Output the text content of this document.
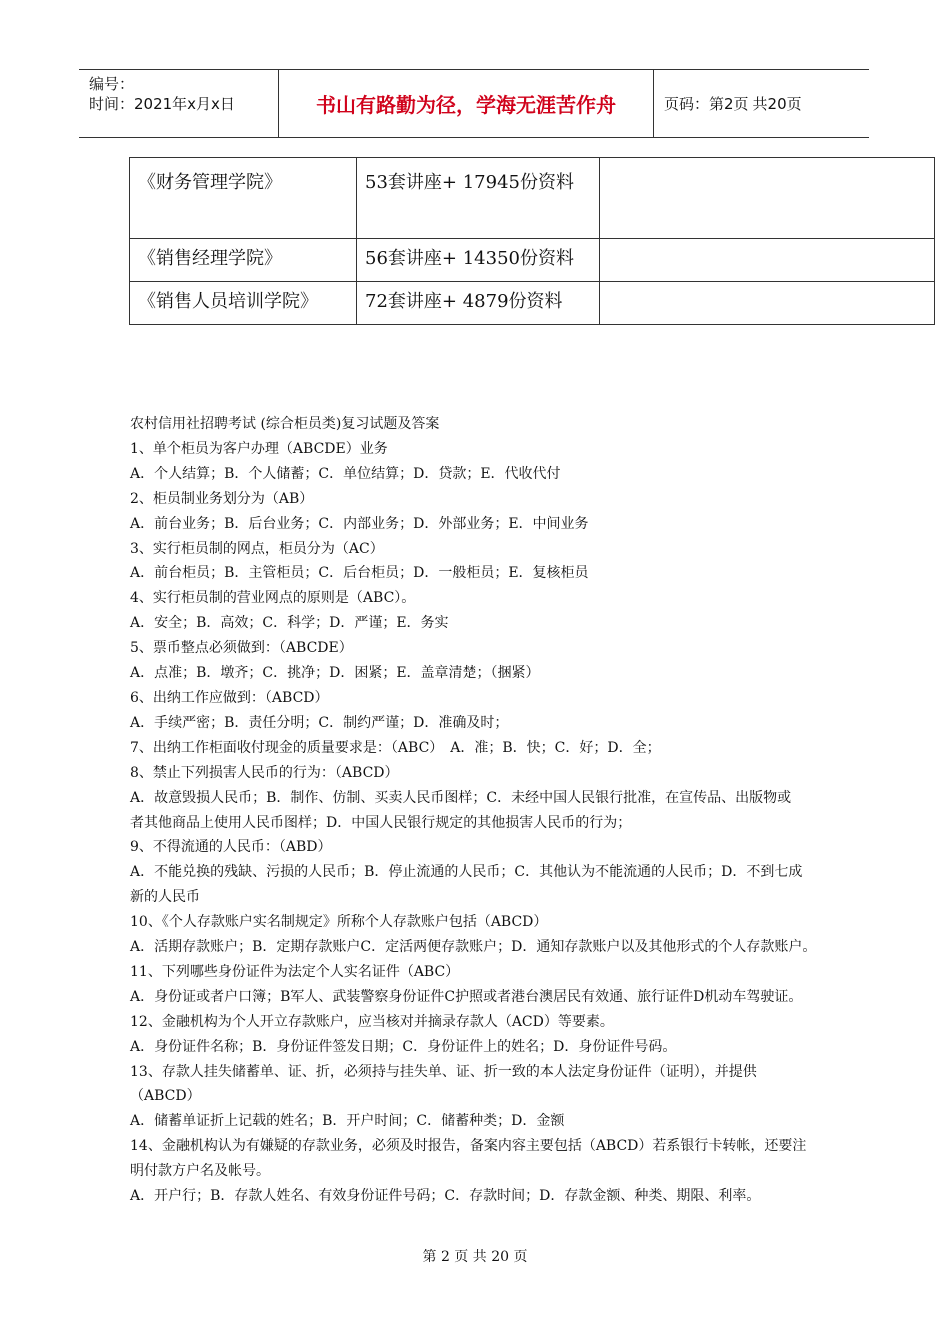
编号：
时间：2021年x月x日	书山有路勤为径，学海无涯苦作舟	页码：第2页 共20页
《财务管理学院》	53套讲座+ 17945份资料	
《销售经理学院》	56套讲座+ 14350份资料	
《销售人员培训学院》	72套讲座+ 4879份资料	
农村信用社招聘考试 (综合柜员类)复习试题及答案
1、单个柜员为客户办理（ABCDE）业务
A．个人结算；B．个人储蓄；C．单位结算；D．贷款；E．代收代付
2、柜员制业务划分为（AB）
A．前台业务；B．后台业务；C．内部业务；D．外部业务；E．中间业务
3、实行柜员制的网点，柜员分为（AC）
A．前台柜员；B．主管柜员；C．后台柜员；D．一般柜员；E．复核柜员
4、实行柜员制的营业网点的原则是（ABC）。
A．安全；B．高效；C．科学；D．严谨；E．务实
5、票币整点必须做到：（ABCDE）
A．点准；B．墩齐；C．挑净；D．困紧；E．盖章清楚；（捆紧）
6、出纳工作应做到：（ABCD）
A．手续严密；B．责任分明；C．制约严谨；D．准确及时；
7、出纳工作柜面收付现金的质量要求是：（ABC）　A．准；B．快；C．好；D．全；
8、禁止下列损害人民币的行为：（ABCD）
A．故意毁损人民币；B．制作、仿制、买卖人民币图样；C．未经中国人民银行批准，在宣传品、出版物或
者其他商品上使用人民币图样；D．中国人民银行规定的其他损害人民币的行为；
9、不得流通的人民币：（ABD）
A．不能兑换的残缺、污损的人民币；B．停止流通的人民币；C．其他认为不能流通的人民币；D．不到七成
新的人民币
10、《个人存款账户实名制规定》所称个人存款账户包括（ABCD）
A．活期存款账户；B．定期存款账户C．定活两便存款账户；D．通知存款账户以及其他形式的个人存款账户。
11、下列哪些身份证件为法定个人实名证件（ABC）
A．身份证或者户口簿；B军人、武装警察身份证件C护照或者港台澳居民有效通、旅行证件D机动车驾驶证。
12、金融机构为个人开立存款账户，应当核对并摘录存款人（ACD）等要素。
A．身份证件名称；B．身份证件签发日期；C．身份证件上的姓名；D．身份证件号码。
13、存款人挂失储蓄单、证、折，必须持与挂失单、证、折一致的本人法定身份证件（证明），并提供
（ABCD）
A．储蓄单证折上记载的姓名；B．开户时间；C．储蓄种类；D．金额
14、金融机构认为有嫌疑的存款业务，必须及时报告，备案内容主要包括（ABCD）若系银行卡转帐，还要注
明付款方户名及帐号。
A．开户行；B．存款人姓名、有效身份证件号码；C．存款时间；D．存款金额、种类、期限、利率。
第 2 页 共 20 页
